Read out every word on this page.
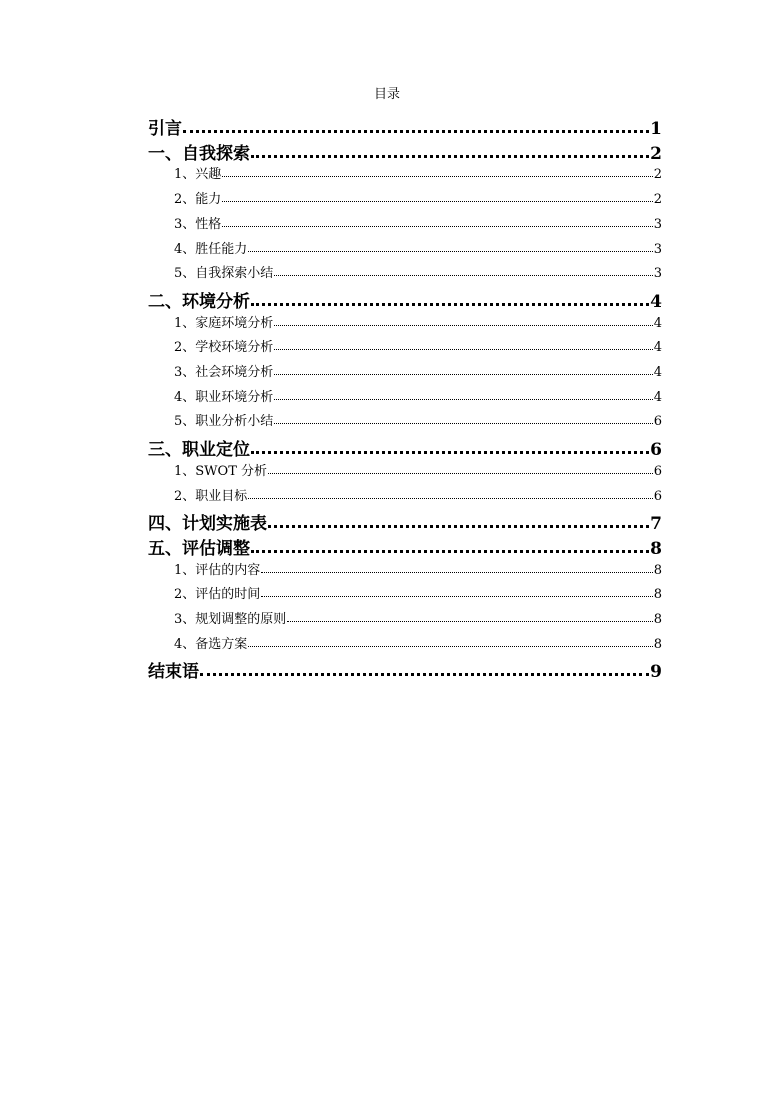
目录
引言	1
一、自我探索	2
1、兴趣	2
2、能力	2
3、性格	3
4、胜任能力	3
5、自我探索小结	3
二、环境分析	4
1、家庭环境分析	4
2、学校环境分析	4
3、社会环境分析	4
4、职业环境分析	4
5、职业分析小结	6
三、职业定位	6
1、SWOT 分析	6
2、职业目标	6
四、计划实施表	7
五、评估调整	8
1、评估的内容	8
2、评估的时间	8
3、规划调整的原则	8
4、备选方案	8
结束语	9
